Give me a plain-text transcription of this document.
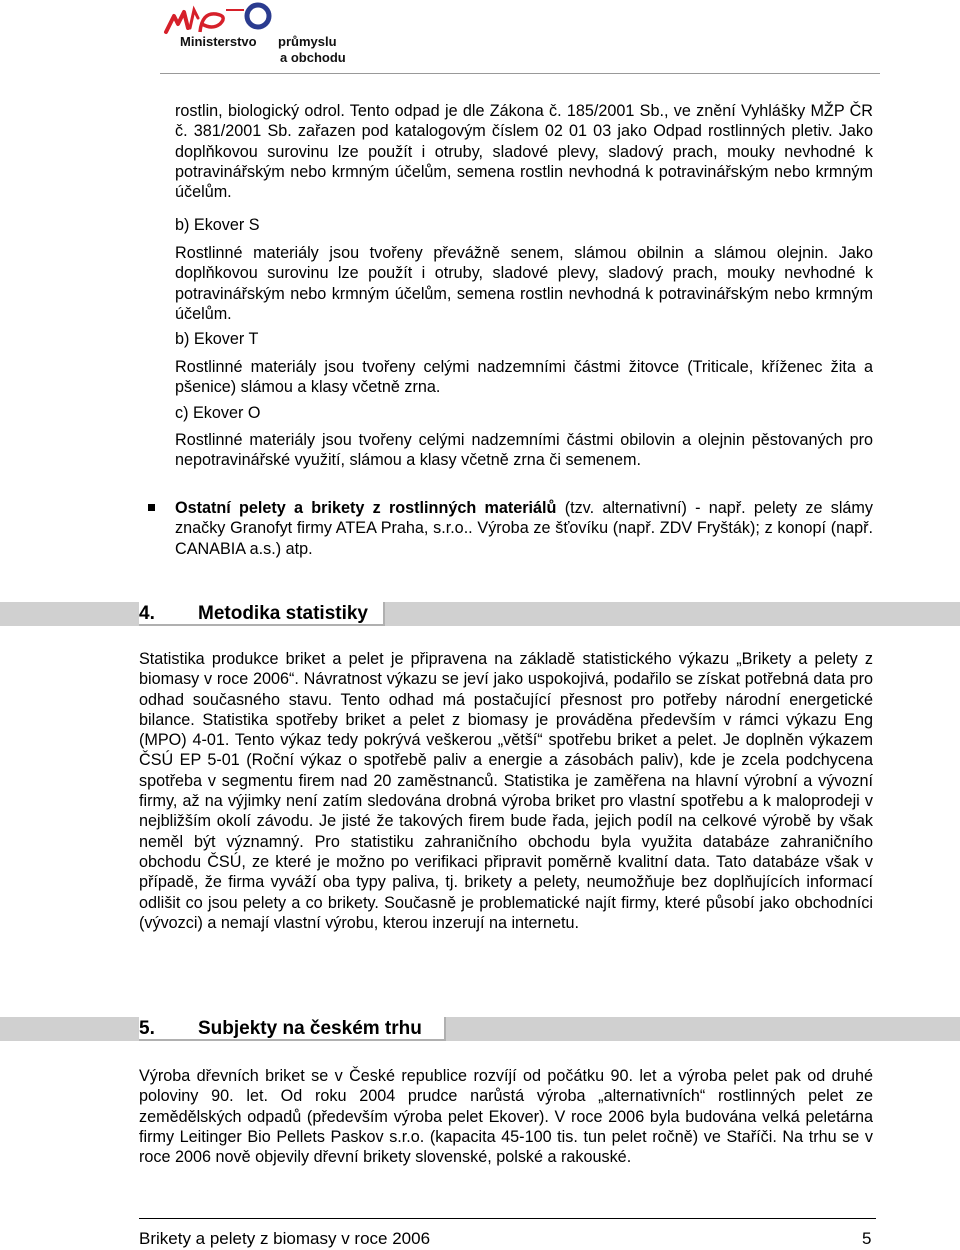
Ministerstvo průmyslu
a obchodu

rostlin, biologický odrol. Tento odpad je dle Zákona č. 185/2001 Sb., ve znění Vyhlášky MŽP ČR č. 381/2001 Sb. zařazen pod katalogovým číslem 02 01 03 jako Odpad rostlinných pletiv. Jako doplňkovou surovinu lze použít i otruby, sladové plevy, sladový prach, mouky nevhodné k potravinářským nebo krmným účelům, semena rostlin nevhodná k potravinářským nebo krmným účelům.

b) Ekover S

Rostlinné materiály jsou tvořeny převážně senem, slámou obilnin a slámou olejnin. Jako doplňkovou surovinu lze použít i otruby, sladové plevy, sladový prach, mouky nevhodné k potravinářským nebo krmným účelům, semena rostlin nevhodná k potravinářským nebo krmným účelům.

b) Ekover T

Rostlinné materiály jsou tvořeny celými nadzemními částmi žitovce (Triticale, kříženec žita a pšenice) slámou a klasy včetně zrna.

c) Ekover O

Rostlinné materiály jsou tvořeny celými nadzemními částmi obilovin a olejnin pěstovaných pro nepotravinářské využití, slámou a klasy včetně zrna či semenem.

Ostatní pelety a brikety z rostlinných materiálů (tzv. alternativní) - např. pelety ze slámy značky Granofyt firmy ATEA Praha, s.r.o.. Výroba ze šťovíku (např. ZDV Fryšták); z konopí (např. CANABIA a.s.) atp.

4. Metodika statistiky

Statistika produkce briket a pelet je připravena na základě statistického výkazu „Brikety a pelety z biomasy v roce 2006“. Návratnost výkazu se jeví jako uspokojivá, podařilo se získat potřebná data pro odhad současného stavu. Tento odhad má postačující přesnost pro potřeby národní energetické bilance. Statistika spotřeby briket a pelet z biomasy je prováděna především v rámci výkazu Eng (MPO) 4-01. Tento výkaz tedy pokrývá veškerou „větší“ spotřebu briket a pelet. Je doplněn výkazem ČSÚ EP 5-01 (Roční výkaz o spotřebě paliv a energie a zásobách paliv), kde je zcela podchycena spotřeba v segmentu firem nad 20 zaměstnanců. Statistika je zaměřena na hlavní výrobní a vývozní firmy, až na výjimky není zatím sledována drobná výroba briket pro vlastní spotřebu a k maloprodeji v nejbližším okolí závodu. Je jisté že takových firem bude řada, jejich podíl na celkové výrobě by však neměl být významný. Pro statistiku zahraničního obchodu byla využita databáze zahraničního obchodu ČSÚ, ze které je možno po verifikaci připravit poměrně kvalitní data. Tato databáze však v případě, že firma vyváží oba typy paliva, tj. brikety a pelety, neumožňuje bez doplňujících informací odlišit co jsou pelety a co brikety. Současně je problematické najít firmy, které působí jako obchodníci (vývozci) a nemají vlastní výrobu, kterou inzerují na internetu.

5. Subjekty na českém trhu

Výroba dřevních briket se v České republice rozvíjí od počátku 90. let a výroba pelet pak od druhé poloviny 90. let. Od roku 2004 prudce narůstá výroba „alternativních“ rostlinných pelet ze zemědělských odpadů (především výroba pelet Ekover). V roce 2006 byla budována velká peletárna firmy Leitinger Bio Pellets Paskov s.r.o. (kapacita 45-100 tis. tun pelet ročně) ve Staříči. Na trhu se v roce 2006 nově objevily dřevní brikety slovenské, polské a rakouské.

Brikety a pelety z biomasy v roce 2006	5
